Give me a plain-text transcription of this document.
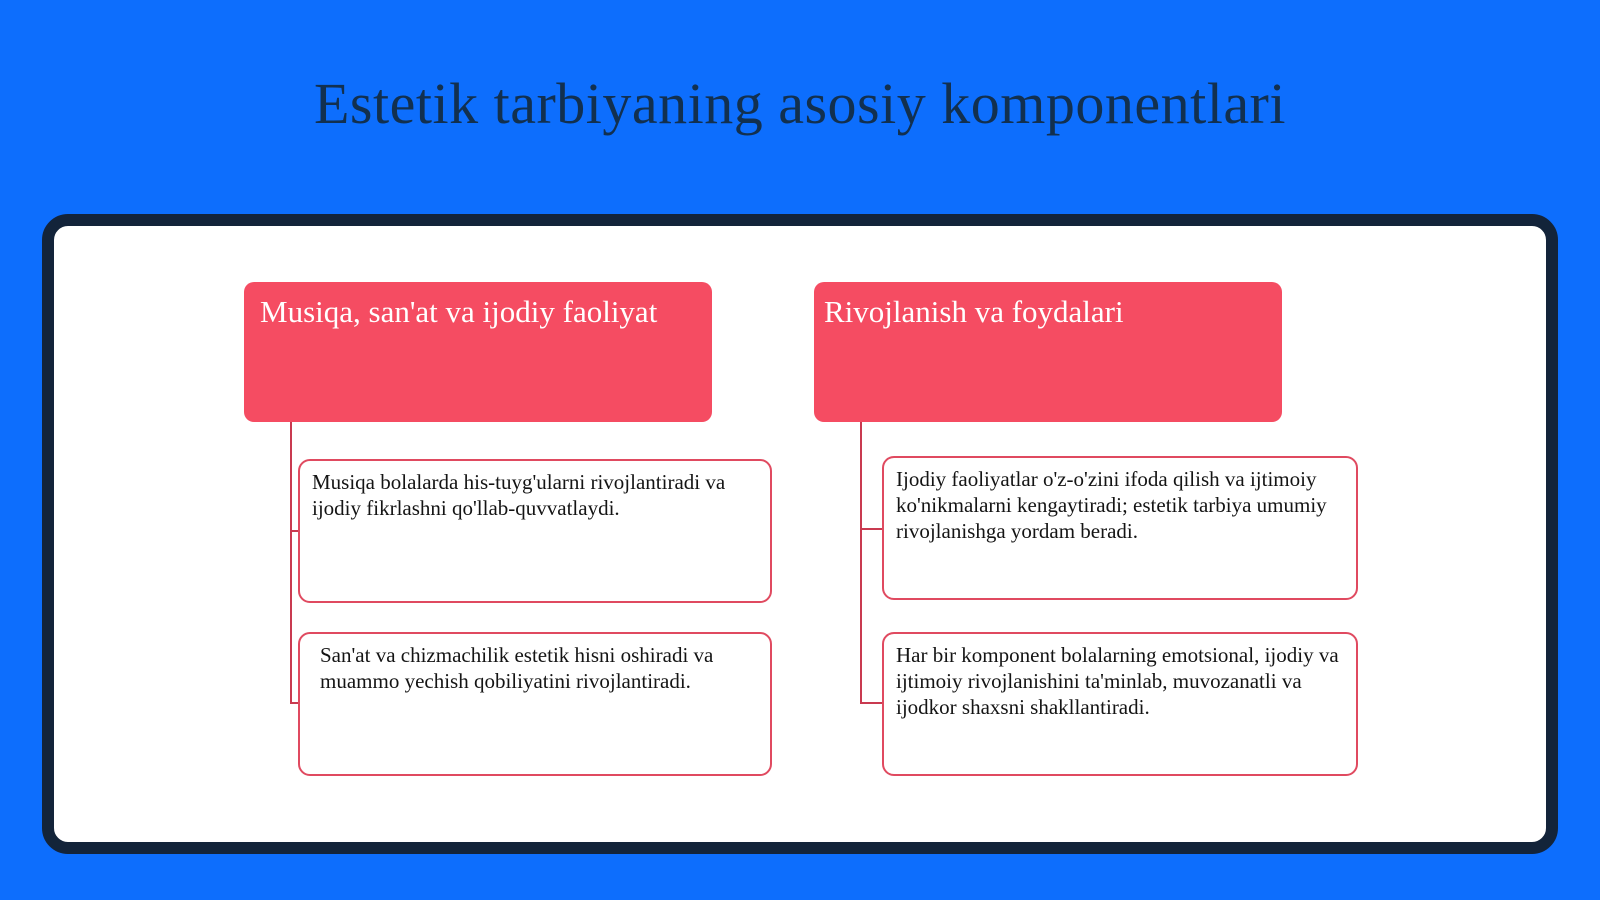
Estetik tarbiyaning asosiy komponentlari
Musiqa, san'at va ijodiy faoliyat
Musiqa bolalarda his-tuyg'ularni rivojlantiradi va ijodiy fikrlashni qo'llab-quvvatlaydi.
San'at va chizmachilik estetik hisni oshiradi va muammo yechish qobiliyatini rivojlantiradi.
Rivojlanish va foydalari
Ijodiy faoliyatlar o'z-o'zini ifoda qilish va ijtimoiy ko'nikmalarni kengaytiradi; estetik tarbiya umumiy rivojlanishga yordam beradi.
Har bir komponent bolalarning emotsional, ijodiy va ijtimoiy rivojlanishini ta'minlab, muvozanatli va ijodkor shaxsni shakllantiradi.
